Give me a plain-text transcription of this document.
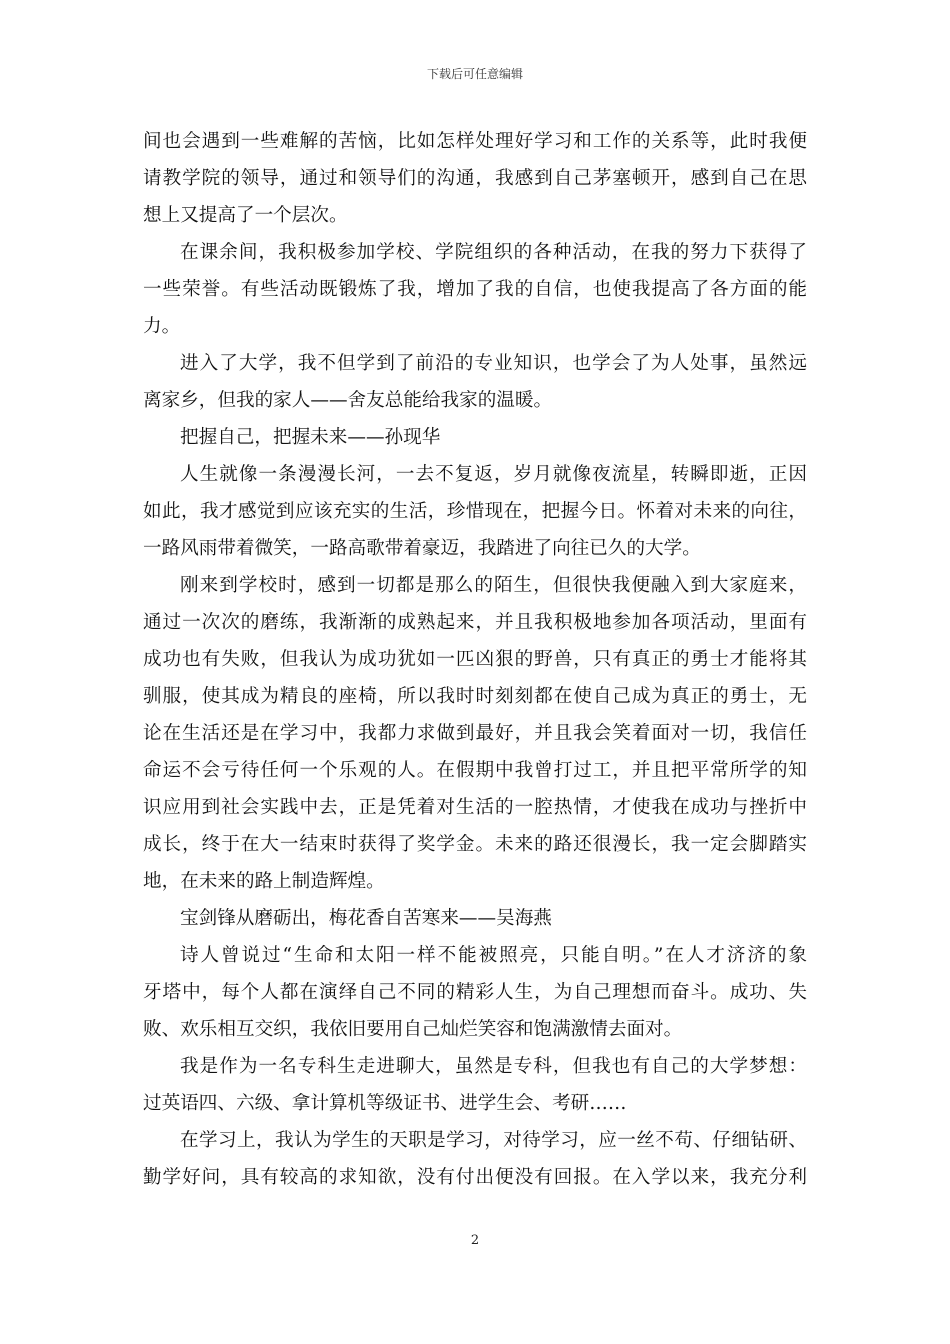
下载后可任意编辑
间也会遇到一些难解的苦恼，比如怎样处理好学习和工作的关系等，此时我便
请教学院的领导，通过和领导们的沟通，我感到自己茅塞顿开，感到自己在思
想上又提高了一个层次。
在课余间，我积极参加学校、学院组织的各种活动，在我的努力下获得了
一些荣誉。有些活动既锻炼了我，增加了我的自信，也使我提高了各方面的能
力。
进入了大学，我不但学到了前沿的专业知识，也学会了为人处事，虽然远
离家乡，但我的家人——舍友总能给我家的温暖。
把握自己，把握未来——孙现华
人生就像一条漫漫长河，一去不复返，岁月就像夜流星，转瞬即逝，正因
如此，我才感觉到应该充实的生活，珍惜现在，把握今日。怀着对未来的向往，
一路风雨带着微笑，一路高歌带着豪迈，我踏进了向往已久的大学。
刚来到学校时，感到一切都是那么的陌生，但很快我便融入到大家庭来，
通过一次次的磨练，我渐渐的成熟起来，并且我积极地参加各项活动，里面有
成功也有失败，但我认为成功犹如一匹凶狠的野兽，只有真正的勇士才能将其
驯服，使其成为精良的座椅，所以我时时刻刻都在使自己成为真正的勇士，无
论在生活还是在学习中，我都力求做到最好，并且我会笑着面对一切，我信任
命运不会亏待任何一个乐观的人。在假期中我曾打过工，并且把平常所学的知
识应用到社会实践中去，正是凭着对生活的一腔热情，才使我在成功与挫折中
成长，终于在大一结束时获得了奖学金。未来的路还很漫长，我一定会脚踏实
地，在未来的路上制造辉煌。
宝剑锋从磨砺出，梅花香自苦寒来——吴海燕
诗人曾说过“生命和太阳一样不能被照亮，只能自明。”在人才济济的象
牙塔中，每个人都在演绎自己不同的精彩人生，为自己理想而奋斗。成功、失
败、欢乐相互交织，我依旧要用自己灿烂笑容和饱满激情去面对。
我是作为一名专科生走进聊大，虽然是专科，但我也有自己的大学梦想：
过英语四、六级、拿计算机等级证书、进学生会、考研……
在学习上，我认为学生的天职是学习，对待学习，应一丝不苟、仔细钻研、
勤学好问，具有较高的求知欲，没有付出便没有回报。在入学以来，我充分利
2
